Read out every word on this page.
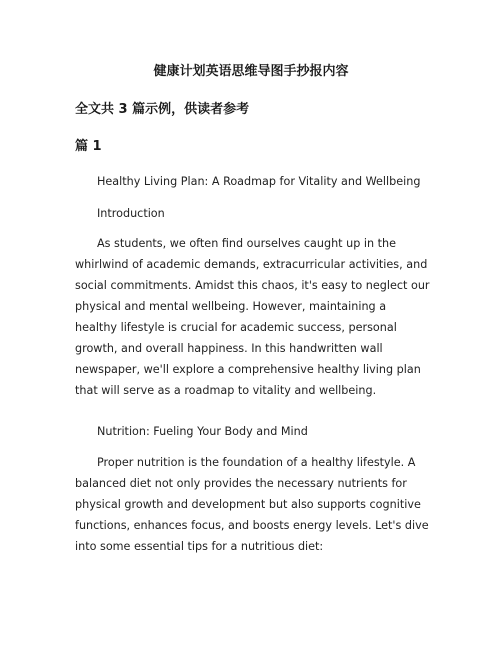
健康计划英语思维导图手抄报内容
全文共 3 篇示例，供读者参考
篇 1
Healthy Living Plan: A Roadmap for Vitality and Wellbeing
Introduction

As students, we often find ourselves caught up in the whirlwind of academic demands, extracurricular activities, and social commitments. Amidst this chaos, it's easy to neglect our physical and mental wellbeing. However, maintaining a healthy lifestyle is crucial for academic success, personal growth, and overall happiness. In this handwritten wall newspaper, we'll explore a comprehensive healthy living plan that will serve as a roadmap to vitality and wellbeing.

Nutrition: Fueling Your Body and Mind

Proper nutrition is the foundation of a healthy lifestyle. A balanced diet not only provides the necessary nutrients for physical growth and development but also supports cognitive functions, enhances focus, and boosts energy levels. Let's dive into some essential tips for a nutritious diet:
